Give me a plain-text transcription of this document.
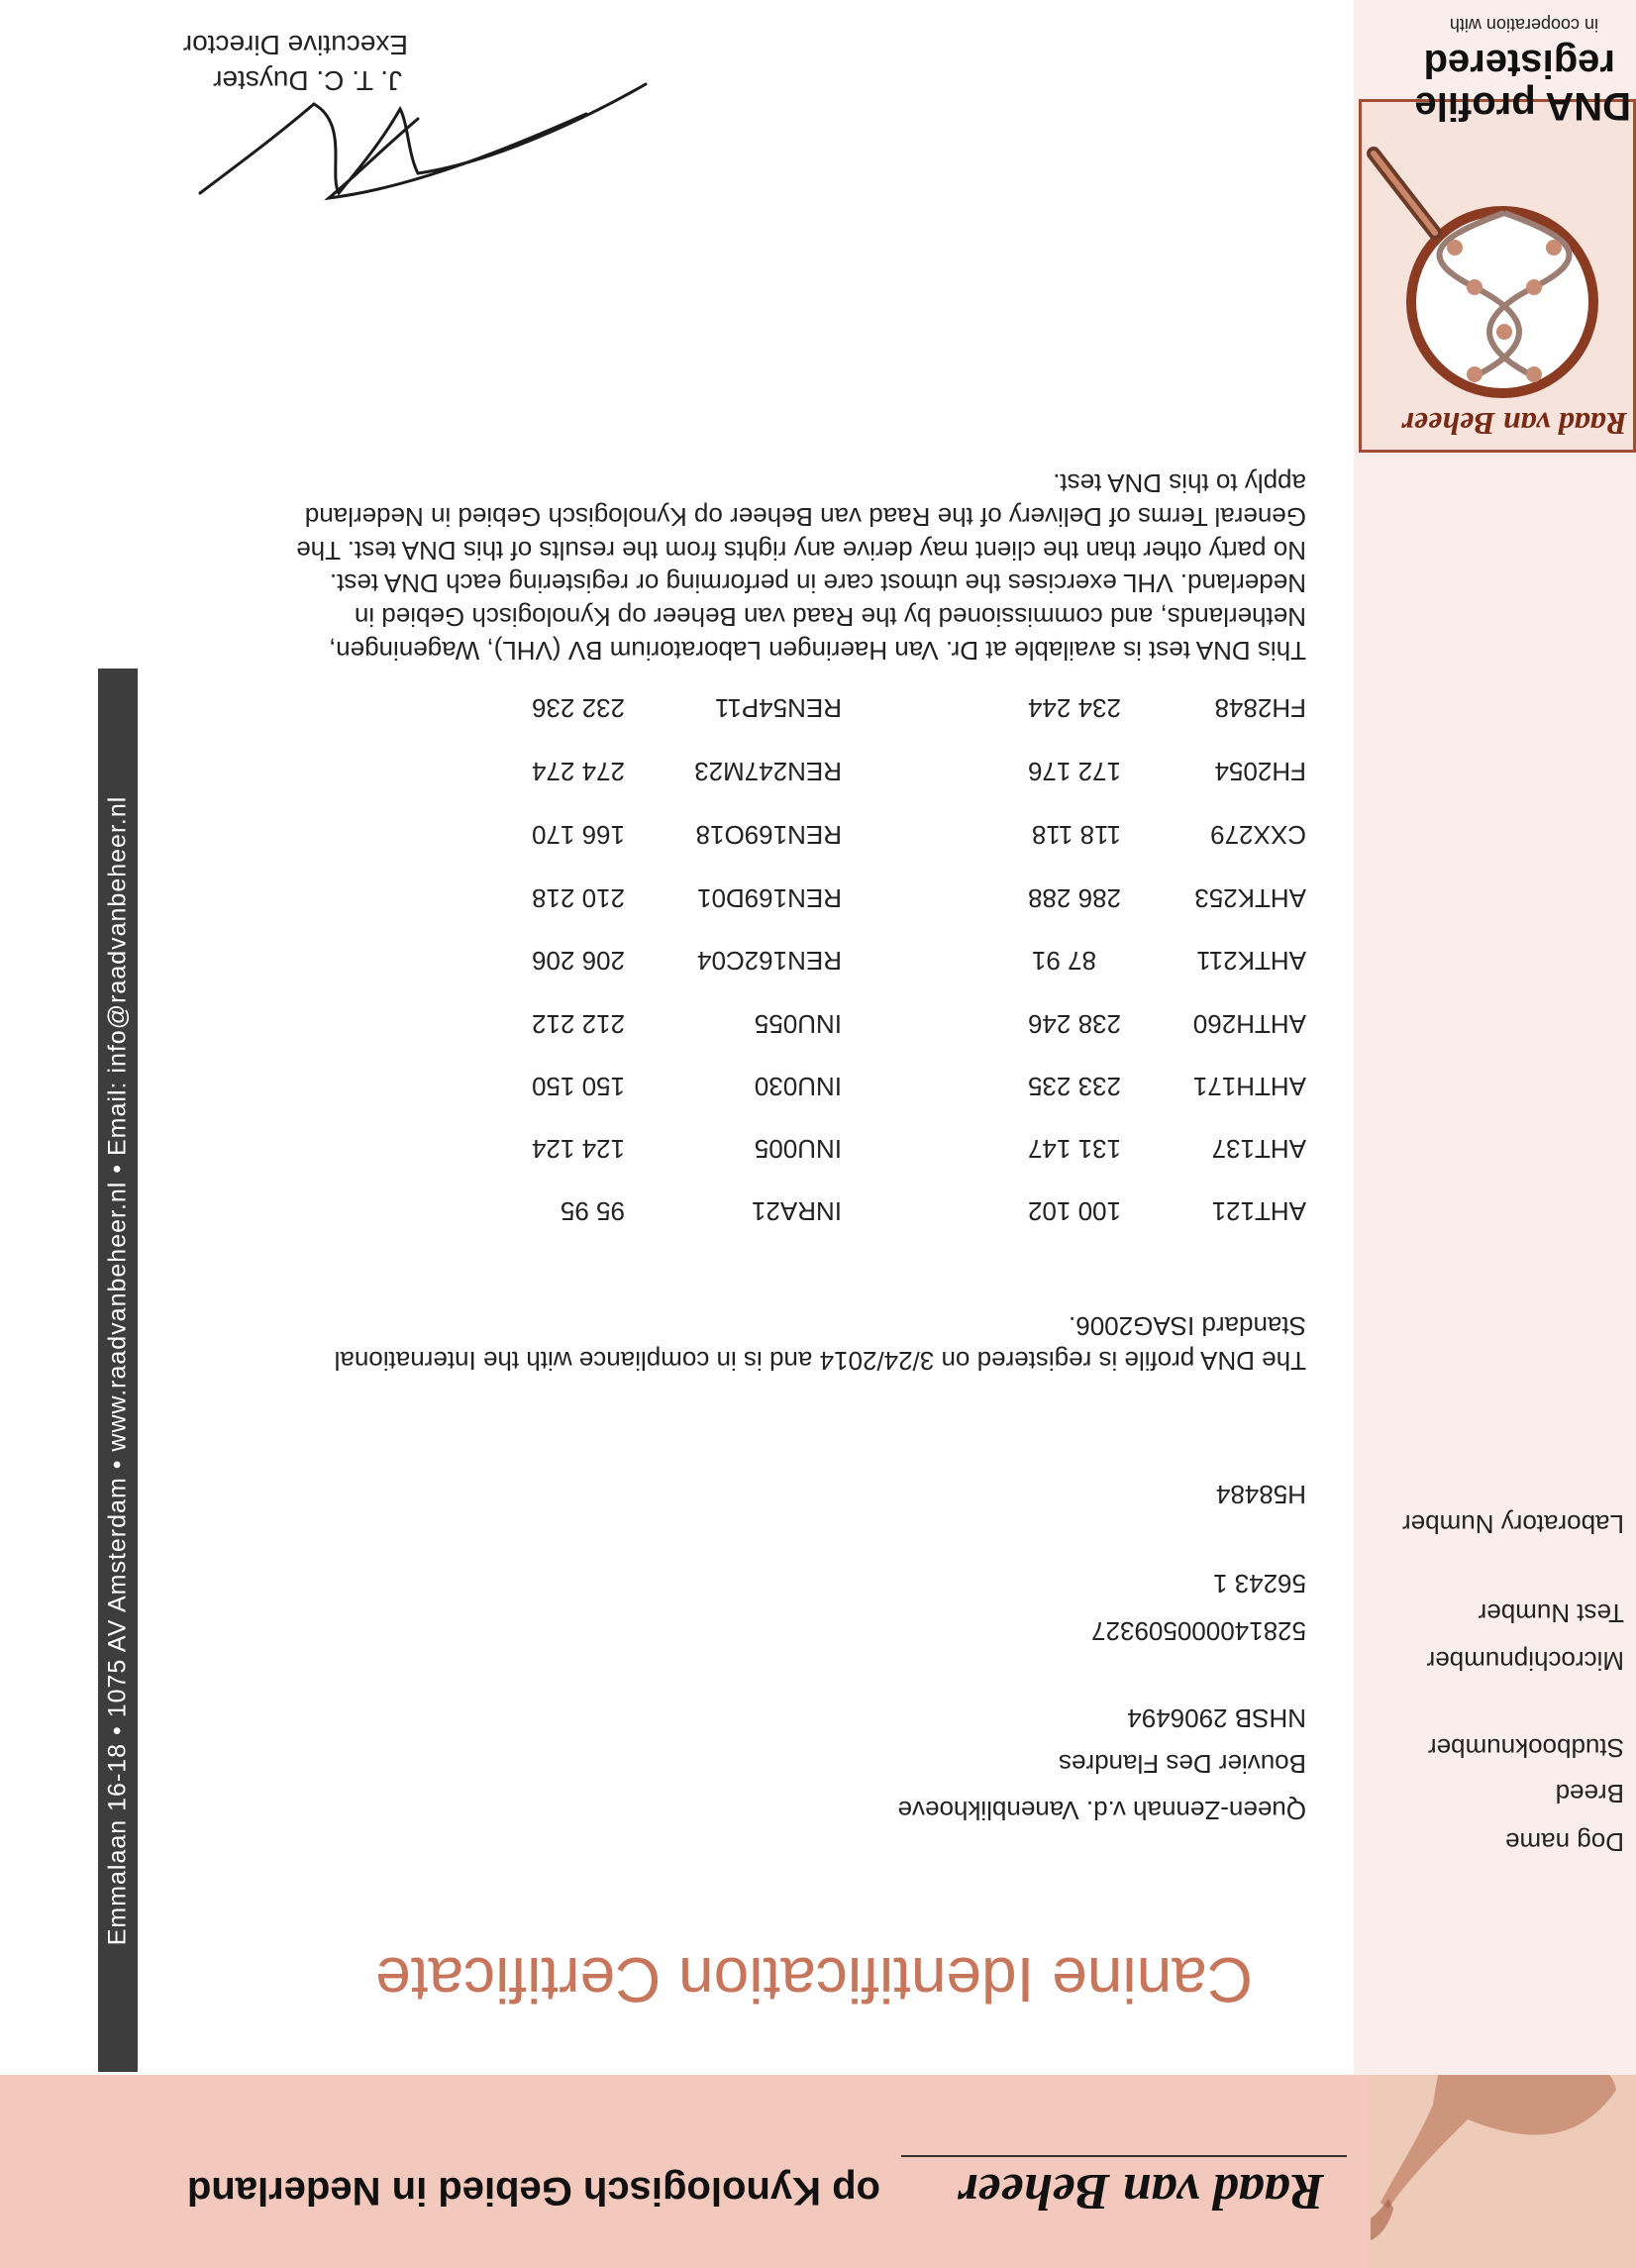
Raad van Beheer
op Kynologisch Gebied in Nederland
Dog name
Breed
Studbooknumber
Microchipnumber
Test Number
Laboratory Number
Raad van Beheer
DNA profile
registered
in cooperation with
Canine Identification Certificate
Queen-Zennah v.d. Vanenblikhoeve
Bouvier Des Flandres
NHSB 2906494
528140000509327
56243 1
H58484
The DNA profile is registered on 3/24/2014 and is in compliance with the International Standard ISAG2006.
AHT121
100 102
INRA21
95 95
AHT137
131 147
INU005
124 124
AHTH171
233 235
INU030
150 150
AHTH260
238 246
INU055
212 212
AHTK211
87 91
REN162C04
206 206
AHTK253
286 288
REN169D01
210 218
CXX279
118 118
REN169O18
166 170
FH2054
172 176
REN247M23
274 274
FH2848
234 244
REN54P11
232 236
This DNA test is available at Dr. Van Haeringen Laboratorium BV (VHL), Wageningen, Netherlands, and commissioned by the Raad van Beheer op Kynologisch Gebied in Nederland. VHL exercises the utmost care in performing or registering each DNA test. No party other than the client may derive any rights from the results of this DNA test. The General Terms of Delivery of the Raad van Beheer op Kynologisch Gebied in Nederland apply to this DNA test.
J. T. C. Duyster
Executive Director
Emmalaan 16-18 • 1075 AV Amsterdam • www.raadvanbeheer.nl • Email: info@raadvanbeheer.nl
